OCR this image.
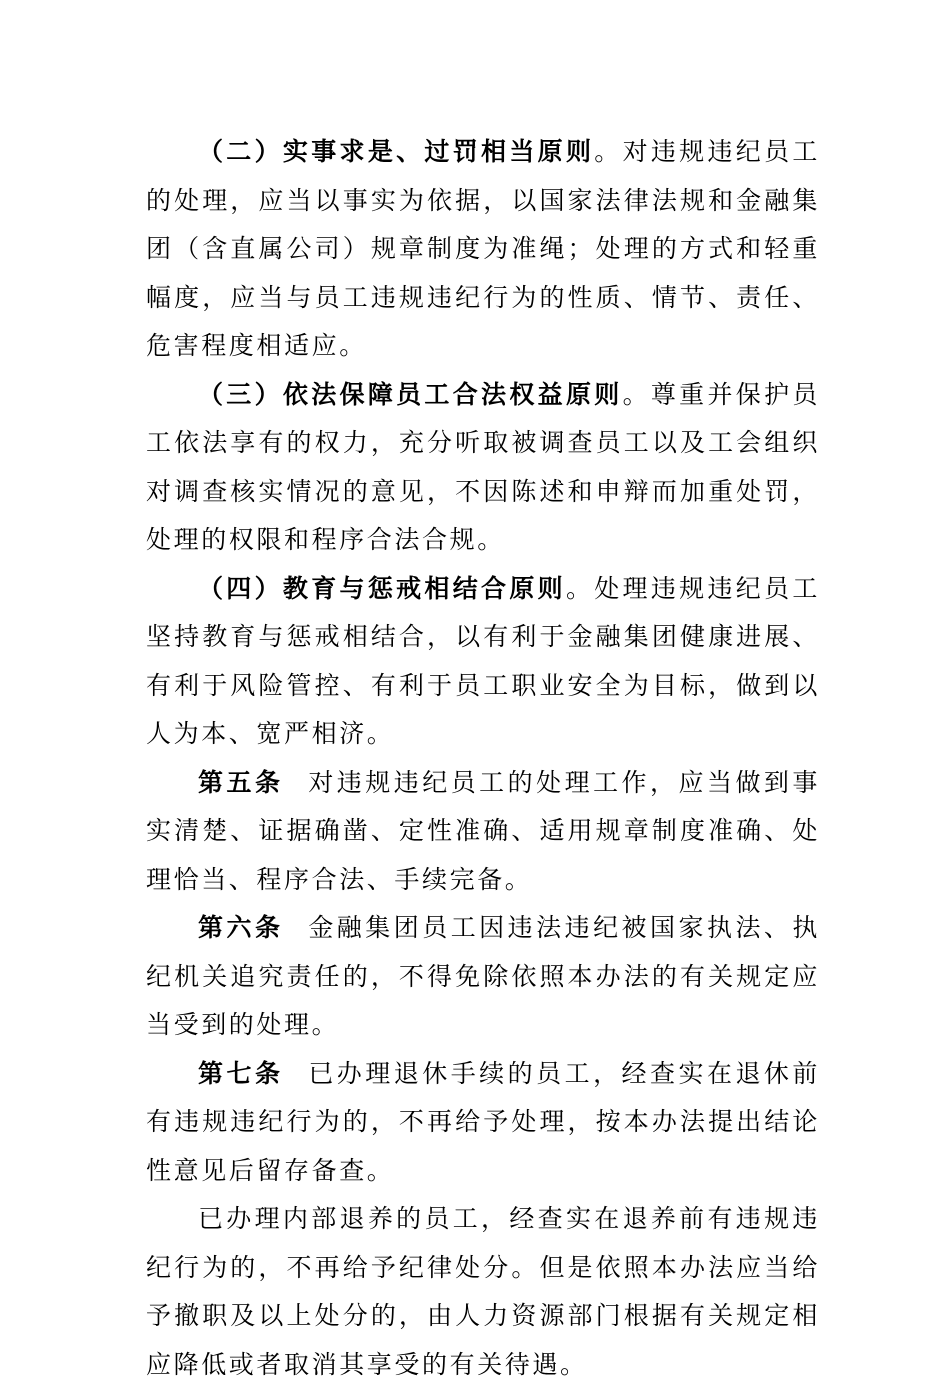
（二）实事求是、过罚相当原则。对违规违纪员工的处理，应当以事实为依据，以国家法律法规和金融集团（含直属公司）规章制度为准绳；处理的方式和轻重幅度，应当与员工违规违纪行为的性质、情节、责任、危害程度相适应。

（三）依法保障员工合法权益原则。尊重并保护员工依法享有的权力，充分听取被调查员工以及工会组织对调查核实情况的意见，不因陈述和申辩而加重处罚，处理的权限和程序合法合规。

（四）教育与惩戒相结合原则。处理违规违纪员工坚持教育与惩戒相结合，以有利于金融集团健康进展、有利于风险管控、有利于员工职业安全为目标，做到以人为本、宽严相济。

第五条 对违规违纪员工的处理工作，应当做到事实清楚、证据确凿、定性准确、适用规章制度准确、处理恰当、程序合法、手续完备。

第六条 金融集团员工因违法违纪被国家执法、执纪机关追究责任的，不得免除依照本办法的有关规定应当受到的处理。

第七条 已办理退休手续的员工，经查实在退休前有违规违纪行为的，不再给予处理，按本办法提出结论性意见后留存备查。

已办理内部退养的员工，经查实在退养前有违规违纪行为的，不再给予纪律处分。但是依照本办法应当给予撤职及以上处分的，由人力资源部门根据有关规定相应降低或者取消其享受的有关待遇。
